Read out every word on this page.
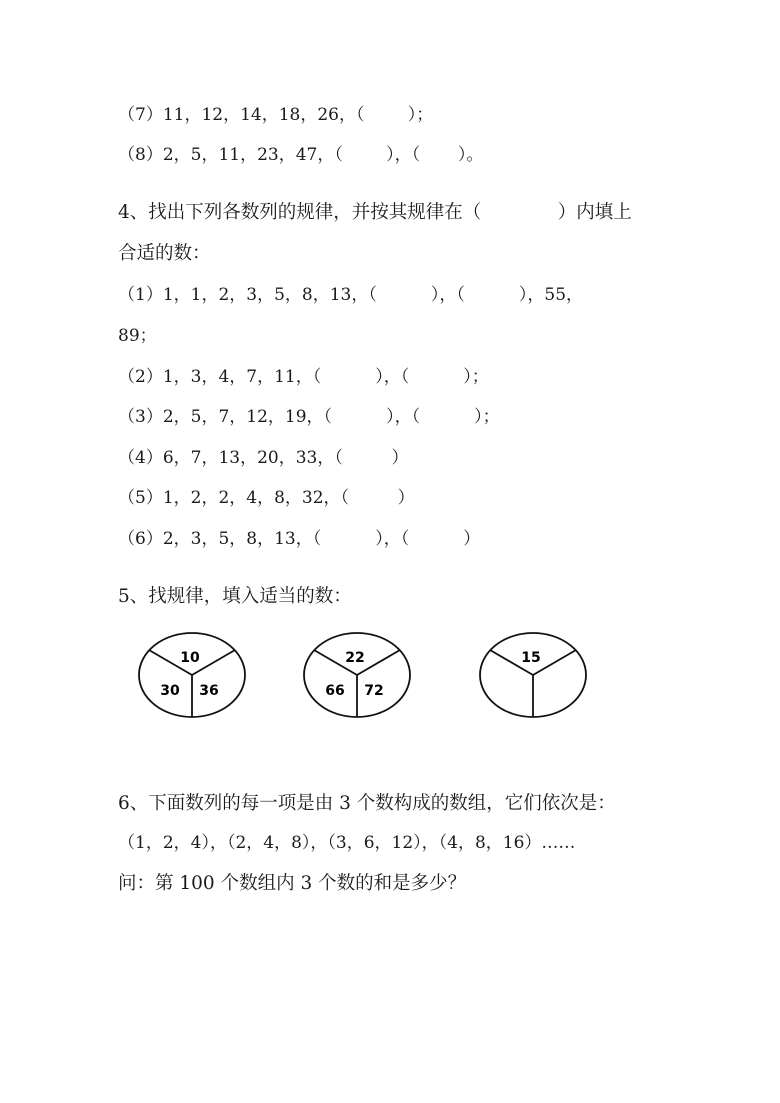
（7）11，12，14，18，26，（        ）；
（8）2，5，11，23，47，（        ），（       ）。
4、找出下列各数列的规律，并按其规律在（             ）内填上
合适的数：
（1）1，1，2，3，5，8，13，（          ），（          ），55，
89；
（2）1，3，4，7，11，（          ），（          ）；
（3）2，5，7，12，19，（          ），（          ）；
（4）6，7，13，20，33，（         ）
（5）1，2，2，4，8，32，（         ）
（6）2，3，5，8，13，（          ），（          ）
5、找规律，填入适当的数：
10
30 36
22
66 72
15
6、下面数列的每一项是由 3 个数构成的数组，它们依次是：
（1，2，4），（2，4，8），（3，6，12），（4，8，16）……
问：第 100 个数组内 3 个数的和是多少？
